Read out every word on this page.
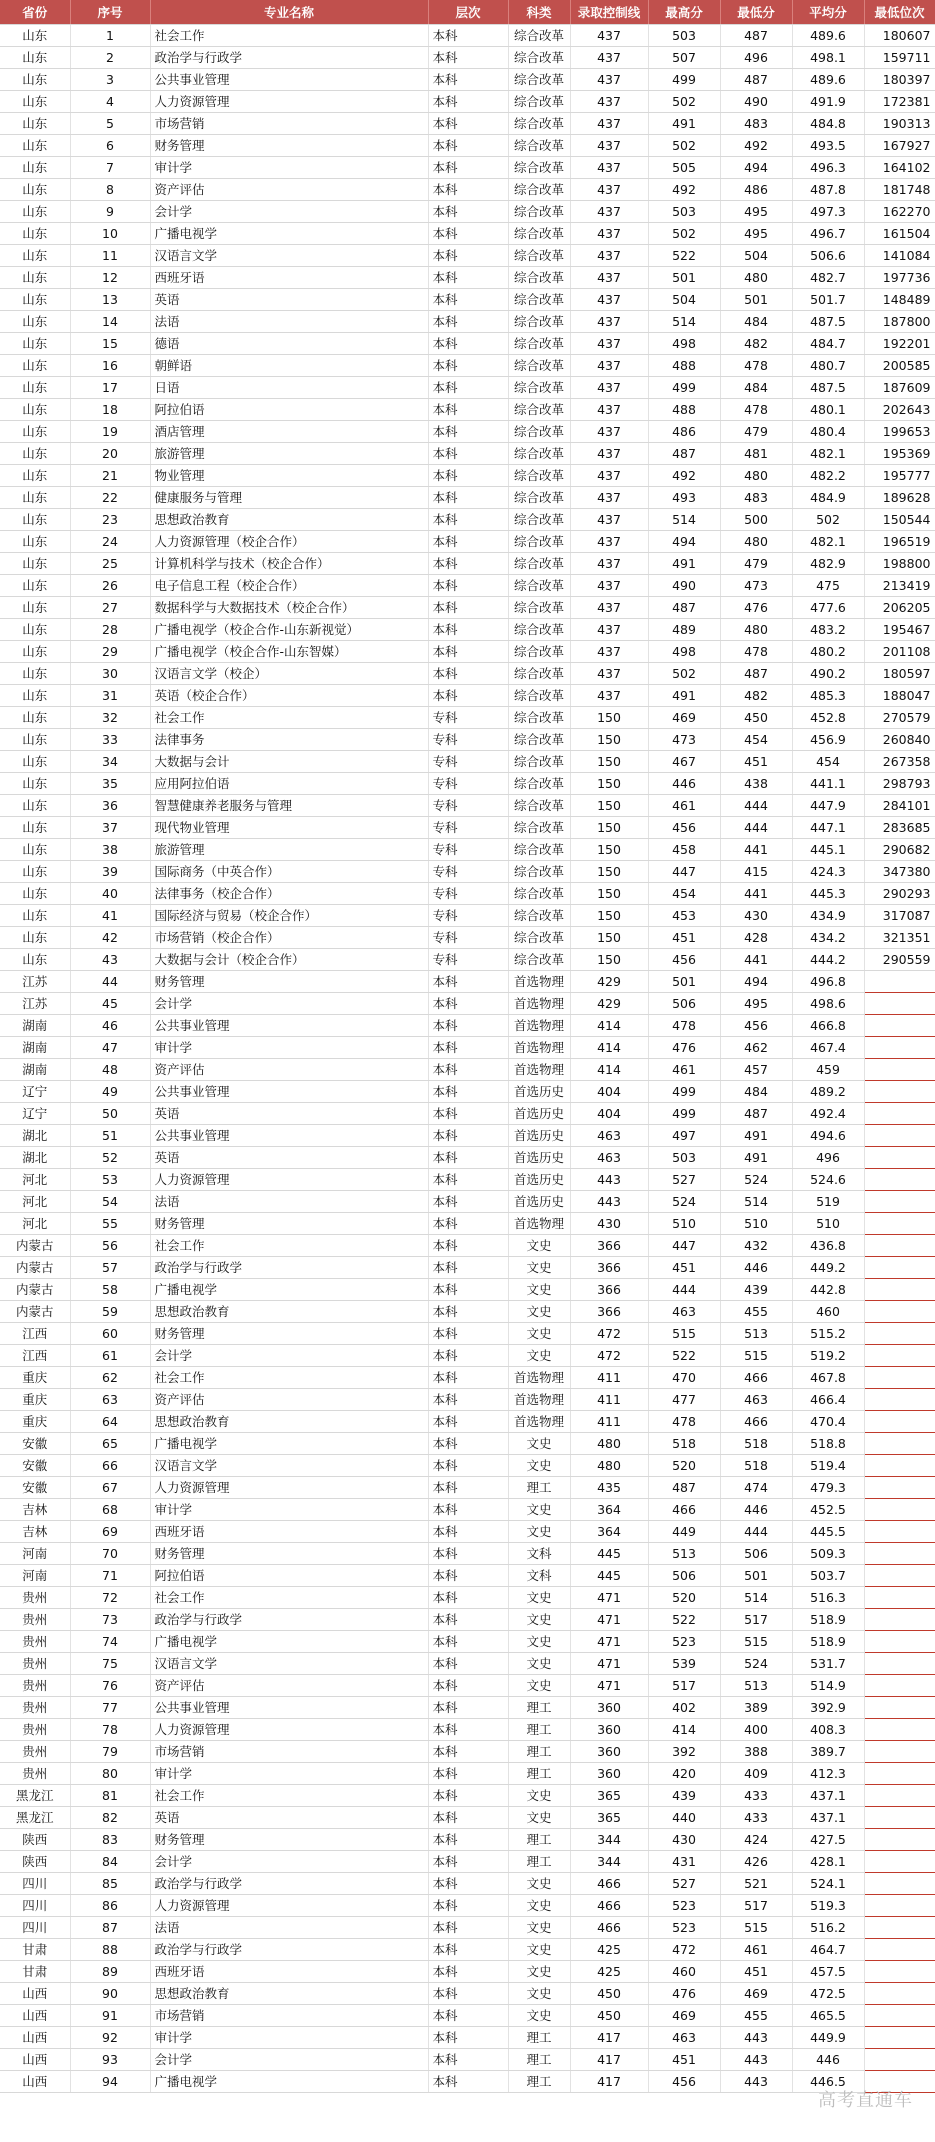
省份	序号	专业名称	层次	科类	录取控制线	最高分	最低分	平均分	最低位次
山东	1	社会工作	本科	综合改革	437	503	487	489.6	180607
山东	2	政治学与行政学	本科	综合改革	437	507	496	498.1	159711
山东	3	公共事业管理	本科	综合改革	437	499	487	489.6	180397
山东	4	人力资源管理	本科	综合改革	437	502	490	491.9	172381
山东	5	市场营销	本科	综合改革	437	491	483	484.8	190313
山东	6	财务管理	本科	综合改革	437	502	492	493.5	167927
山东	7	审计学	本科	综合改革	437	505	494	496.3	164102
山东	8	资产评估	本科	综合改革	437	492	486	487.8	181748
山东	9	会计学	本科	综合改革	437	503	495	497.3	162270
山东	10	广播电视学	本科	综合改革	437	502	495	496.7	161504
山东	11	汉语言文学	本科	综合改革	437	522	504	506.6	141084
山东	12	西班牙语	本科	综合改革	437	501	480	482.7	197736
山东	13	英语	本科	综合改革	437	504	501	501.7	148489
山东	14	法语	本科	综合改革	437	514	484	487.5	187800
山东	15	德语	本科	综合改革	437	498	482	484.7	192201
山东	16	朝鲜语	本科	综合改革	437	488	478	480.7	200585
山东	17	日语	本科	综合改革	437	499	484	487.5	187609
山东	18	阿拉伯语	本科	综合改革	437	488	478	480.1	202643
山东	19	酒店管理	本科	综合改革	437	486	479	480.4	199653
山东	20	旅游管理	本科	综合改革	437	487	481	482.1	195369
山东	21	物业管理	本科	综合改革	437	492	480	482.2	195777
山东	22	健康服务与管理	本科	综合改革	437	493	483	484.9	189628
山东	23	思想政治教育	本科	综合改革	437	514	500	502	150544
山东	24	人力资源管理（校企合作）	本科	综合改革	437	494	480	482.1	196519
山东	25	计算机科学与技术（校企合作）	本科	综合改革	437	491	479	482.9	198800
山东	26	电子信息工程（校企合作）	本科	综合改革	437	490	473	475	213419
山东	27	数据科学与大数据技术（校企合作）	本科	综合改革	437	487	476	477.6	206205
山东	28	广播电视学（校企合作-山东新视觉）	本科	综合改革	437	489	480	483.2	195467
山东	29	广播电视学（校企合作-山东智媒）	本科	综合改革	437	498	478	480.2	201108
山东	30	汉语言文学（校企）	本科	综合改革	437	502	487	490.2	180597
山东	31	英语（校企合作）	本科	综合改革	437	491	482	485.3	188047
山东	32	社会工作	专科	综合改革	150	469	450	452.8	270579
山东	33	法律事务	专科	综合改革	150	473	454	456.9	260840
山东	34	大数据与会计	专科	综合改革	150	467	451	454	267358
山东	35	应用阿拉伯语	专科	综合改革	150	446	438	441.1	298793
山东	36	智慧健康养老服务与管理	专科	综合改革	150	461	444	447.9	284101
山东	37	现代物业管理	专科	综合改革	150	456	444	447.1	283685
山东	38	旅游管理	专科	综合改革	150	458	441	445.1	290682
山东	39	国际商务（中英合作）	专科	综合改革	150	447	415	424.3	347380
山东	40	法律事务（校企合作）	专科	综合改革	150	454	441	445.3	290293
山东	41	国际经济与贸易（校企合作）	专科	综合改革	150	453	430	434.9	317087
山东	42	市场营销（校企合作）	专科	综合改革	150	451	428	434.2	321351
山东	43	大数据与会计（校企合作）	专科	综合改革	150	456	441	444.2	290559
江苏	44	财务管理	本科	首选物理	429	501	494	496.8	
江苏	45	会计学	本科	首选物理	429	506	495	498.6	
湖南	46	公共事业管理	本科	首选物理	414	478	456	466.8	
湖南	47	审计学	本科	首选物理	414	476	462	467.4	
湖南	48	资产评估	本科	首选物理	414	461	457	459	
辽宁	49	公共事业管理	本科	首选历史	404	499	484	489.2	
辽宁	50	英语	本科	首选历史	404	499	487	492.4	
湖北	51	公共事业管理	本科	首选历史	463	497	491	494.6	
湖北	52	英语	本科	首选历史	463	503	491	496	
河北	53	人力资源管理	本科	首选历史	443	527	524	524.6	
河北	54	法语	本科	首选历史	443	524	514	519	
河北	55	财务管理	本科	首选物理	430	510	510	510	
内蒙古	56	社会工作	本科	文史	366	447	432	436.8	
内蒙古	57	政治学与行政学	本科	文史	366	451	446	449.2	
内蒙古	58	广播电视学	本科	文史	366	444	439	442.8	
内蒙古	59	思想政治教育	本科	文史	366	463	455	460	
江西	60	财务管理	本科	文史	472	515	513	515.2	
江西	61	会计学	本科	文史	472	522	515	519.2	
重庆	62	社会工作	本科	首选物理	411	470	466	467.8	
重庆	63	资产评估	本科	首选物理	411	477	463	466.4	
重庆	64	思想政治教育	本科	首选物理	411	478	466	470.4	
安徽	65	广播电视学	本科	文史	480	518	518	518.8	
安徽	66	汉语言文学	本科	文史	480	520	518	519.4	
安徽	67	人力资源管理	本科	理工	435	487	474	479.3	
吉林	68	审计学	本科	文史	364	466	446	452.5	
吉林	69	西班牙语	本科	文史	364	449	444	445.5	
河南	70	财务管理	本科	文科	445	513	506	509.3	
河南	71	阿拉伯语	本科	文科	445	506	501	503.7	
贵州	72	社会工作	本科	文史	471	520	514	516.3	
贵州	73	政治学与行政学	本科	文史	471	522	517	518.9	
贵州	74	广播电视学	本科	文史	471	523	515	518.9	
贵州	75	汉语言文学	本科	文史	471	539	524	531.7	
贵州	76	资产评估	本科	文史	471	517	513	514.9	
贵州	77	公共事业管理	本科	理工	360	402	389	392.9	
贵州	78	人力资源管理	本科	理工	360	414	400	408.3	
贵州	79	市场营销	本科	理工	360	392	388	389.7	
贵州	80	审计学	本科	理工	360	420	409	412.3	
黑龙江	81	社会工作	本科	文史	365	439	433	437.1	
黑龙江	82	英语	本科	文史	365	440	433	437.1	
陕西	83	财务管理	本科	理工	344	430	424	427.5	
陕西	84	会计学	本科	理工	344	431	426	428.1	
四川	85	政治学与行政学	本科	文史	466	527	521	524.1	
四川	86	人力资源管理	本科	文史	466	523	517	519.3	
四川	87	法语	本科	文史	466	523	515	516.2	
甘肃	88	政治学与行政学	本科	文史	425	472	461	464.7	
甘肃	89	西班牙语	本科	文史	425	460	451	457.5	
山西	90	思想政治教育	本科	文史	450	476	469	472.5	
山西	91	市场营销	本科	文史	450	469	455	465.5	
山西	92	审计学	本科	理工	417	463	443	449.9	
山西	93	会计学	本科	理工	417	451	443	446	
山西	94	广播电视学	本科	理工	417	456	443	446.5	
高考直通车
